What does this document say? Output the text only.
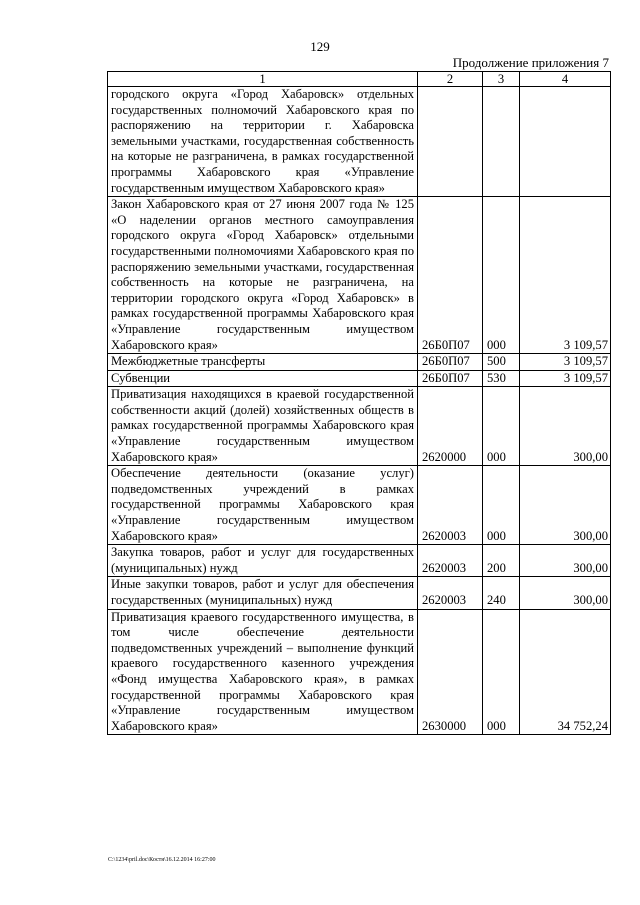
129
Продолжение приложения 7
1	2	3	4
городского округа «Город Хабаровск» отдельных государственных полномочий Хабаровского края по распоряжению на территории г. Хабаровска земельными участками, государственная собственность на которые не разграничена, в рамках государственной программы Хабаровского края «Управление государственным имуществом Хабаровского края»			
Закон Хабаровского края от 27 июня 2007 года № 125 «О наделении органов местного самоуправления городского округа «Город Хабаровск» отдельными государственными полномочиями Хабаровского края по распоряжению земельными участками, государственная собственность на которые не разграничена, на территории городского округа «Город Хабаровск» в рамках государственной программы Хабаровского края «Управление государственным имуществом Хабаровского края»	26Б0П07	000	3 109,57
Межбюджетные трансферты	26Б0П07	500	3 109,57
Субвенции	26Б0П07	530	3 109,57
Приватизация находящихся в краевой государственной собственности акций (долей) хозяйственных обществ в рамках государственной программы Хабаровского края «Управление государственным имуществом Хабаровского края»	2620000	000	300,00
Обеспечение деятельности (оказание услуг) подведомственных учреждений в рамках государственной программы Хабаровского края «Управление государственным имуществом Хабаровского края»	2620003	000	300,00
Закупка товаров, работ и услуг для государственных (муниципальных) нужд	2620003	200	300,00
Иные закупки товаров, работ и услуг для обеспечения государственных (муниципальных) нужд	2620003	240	300,00
Приватизация краевого государственного имущества, в том числе обеспечение деятельности подведомственных учреждений – выполнение функций краевого государственного казенного учреждения «Фонд имущества Хабаровского края», в рамках государственной программы Хабаровского края «Управление государственным имуществом Хабаровского края»	2630000	000	34 752,24
C:\1234\pril.doc\Костя\16.12.2014 16:27:00
